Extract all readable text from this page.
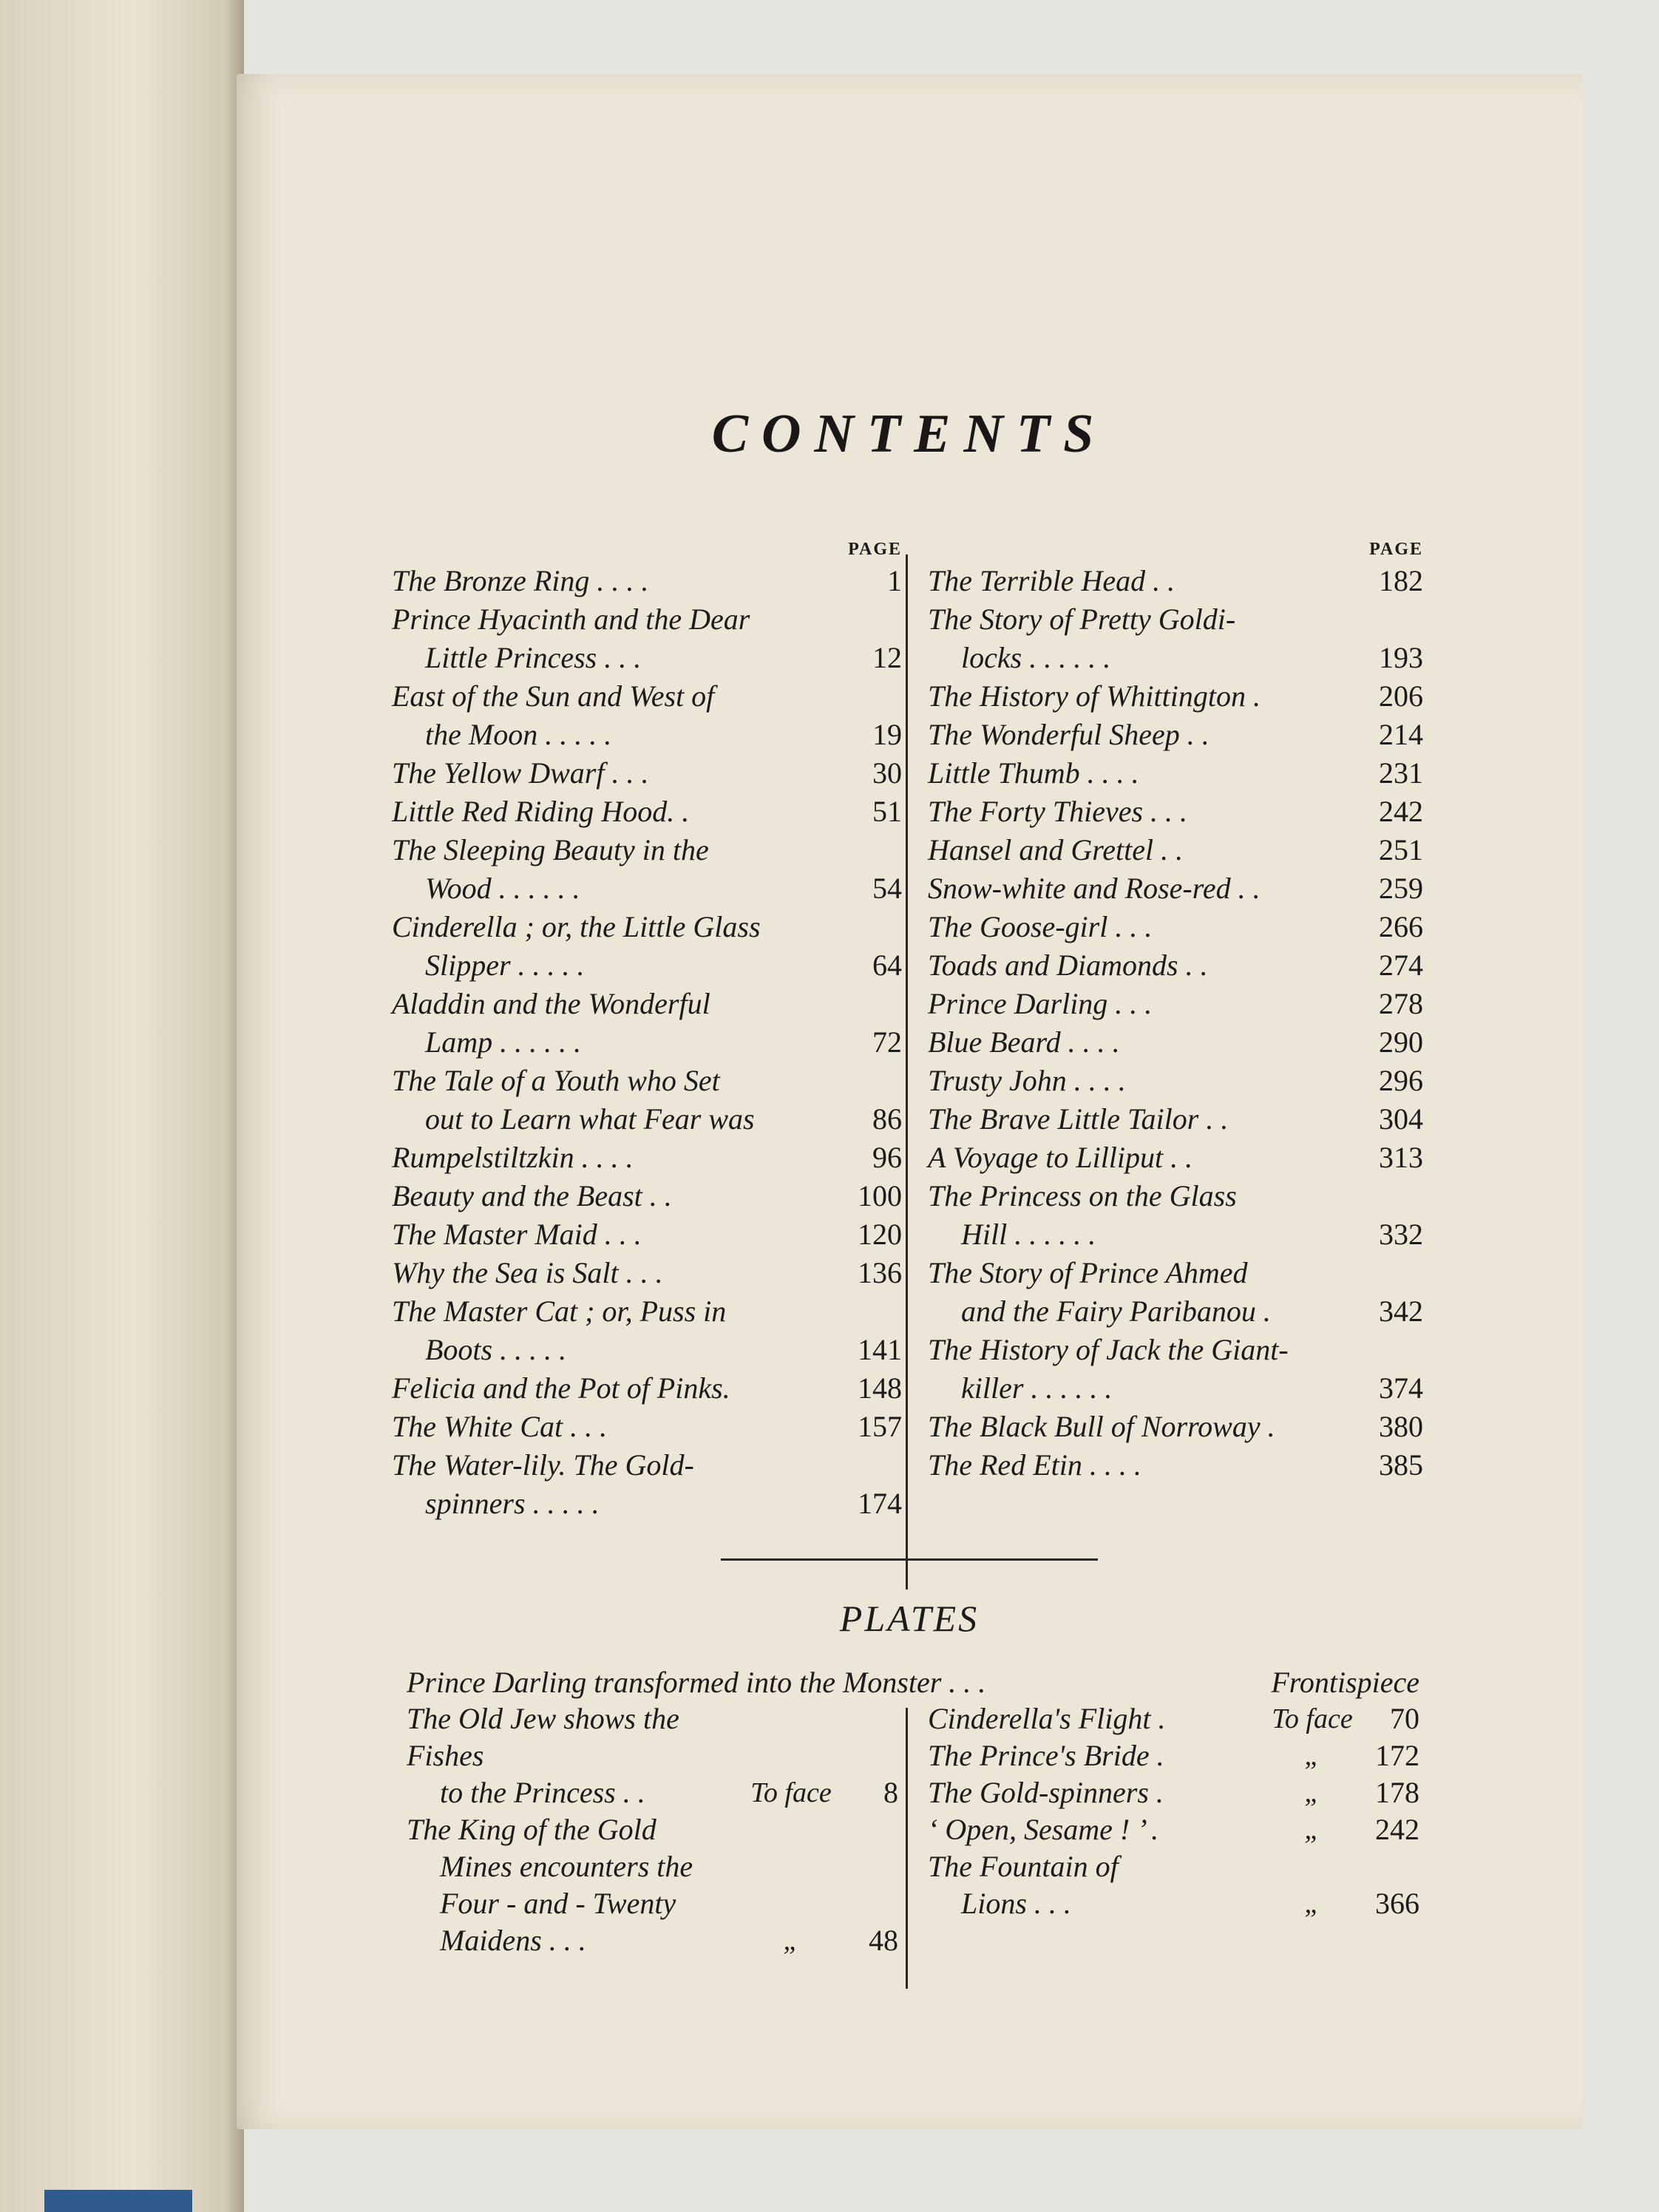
CONTENTS
PAGE
The Bronze Ring . . . .	1
Prince Hyacinth and the Dear
Little Princess . . .	12
East of the Sun and West of
the Moon . . . . .	19
The Yellow Dwarf . . .	30
Little Red Riding Hood. .	51
The Sleeping Beauty in the
Wood . . . . . .	54
Cinderella ; or, the Little Glass
Slipper . . . . .	64
Aladdin and the Wonderful
Lamp . . . . . .	72
The Tale of a Youth who Set
out to Learn what Fear was	86
Rumpelstiltzkin . . . .	96
Beauty and the Beast . .	100
The Master Maid . . .	120
Why the Sea is Salt . . .	136
The Master Cat ; or, Puss in
Boots . . . . .	141
Felicia and the Pot of Pinks.	148
The White Cat . . .	157
The Water-lily. The Gold-
spinners . . . . .	174
PAGE
The Terrible Head . .	182
The Story of Pretty Goldi-
locks . . . . . .	193
The History of Whittington .	206
The Wonderful Sheep . .	214
Little Thumb . . . .	231
The Forty Thieves . . .	242
Hansel and Grettel . .	251
Snow-white and Rose-red . .	259
The Goose-girl . . .	266
Toads and Diamonds . .	274
Prince Darling . . .	278
Blue Beard . . . .	290
Trusty John . . . .	296
The Brave Little Tailor . .	304
A Voyage to Lilliput . .	313
The Princess on the Glass
Hill . . . . . .	332
The Story of Prince Ahmed
and the Fairy Paribanou .	342
The History of Jack the Giant-
killer . . . . . .	374
The Black Bull of Norroway .	380
The Red Etin . . . .	385
PLATES
Prince Darling transformed into the Monster . . .	Frontispiece
The Old Jew shows the Fishes
to the Princess . .	To face	8
The King of the Gold
Mines encounters the
Four - and - Twenty
Maidens . . .	„	48
Cinderella's Flight .	To face	70
The Prince's Bride .	„	172
The Gold-spinners .	„	178
‘ Open, Sesame ! ’ .	„	242
The Fountain of
Lions . . .	„	366
